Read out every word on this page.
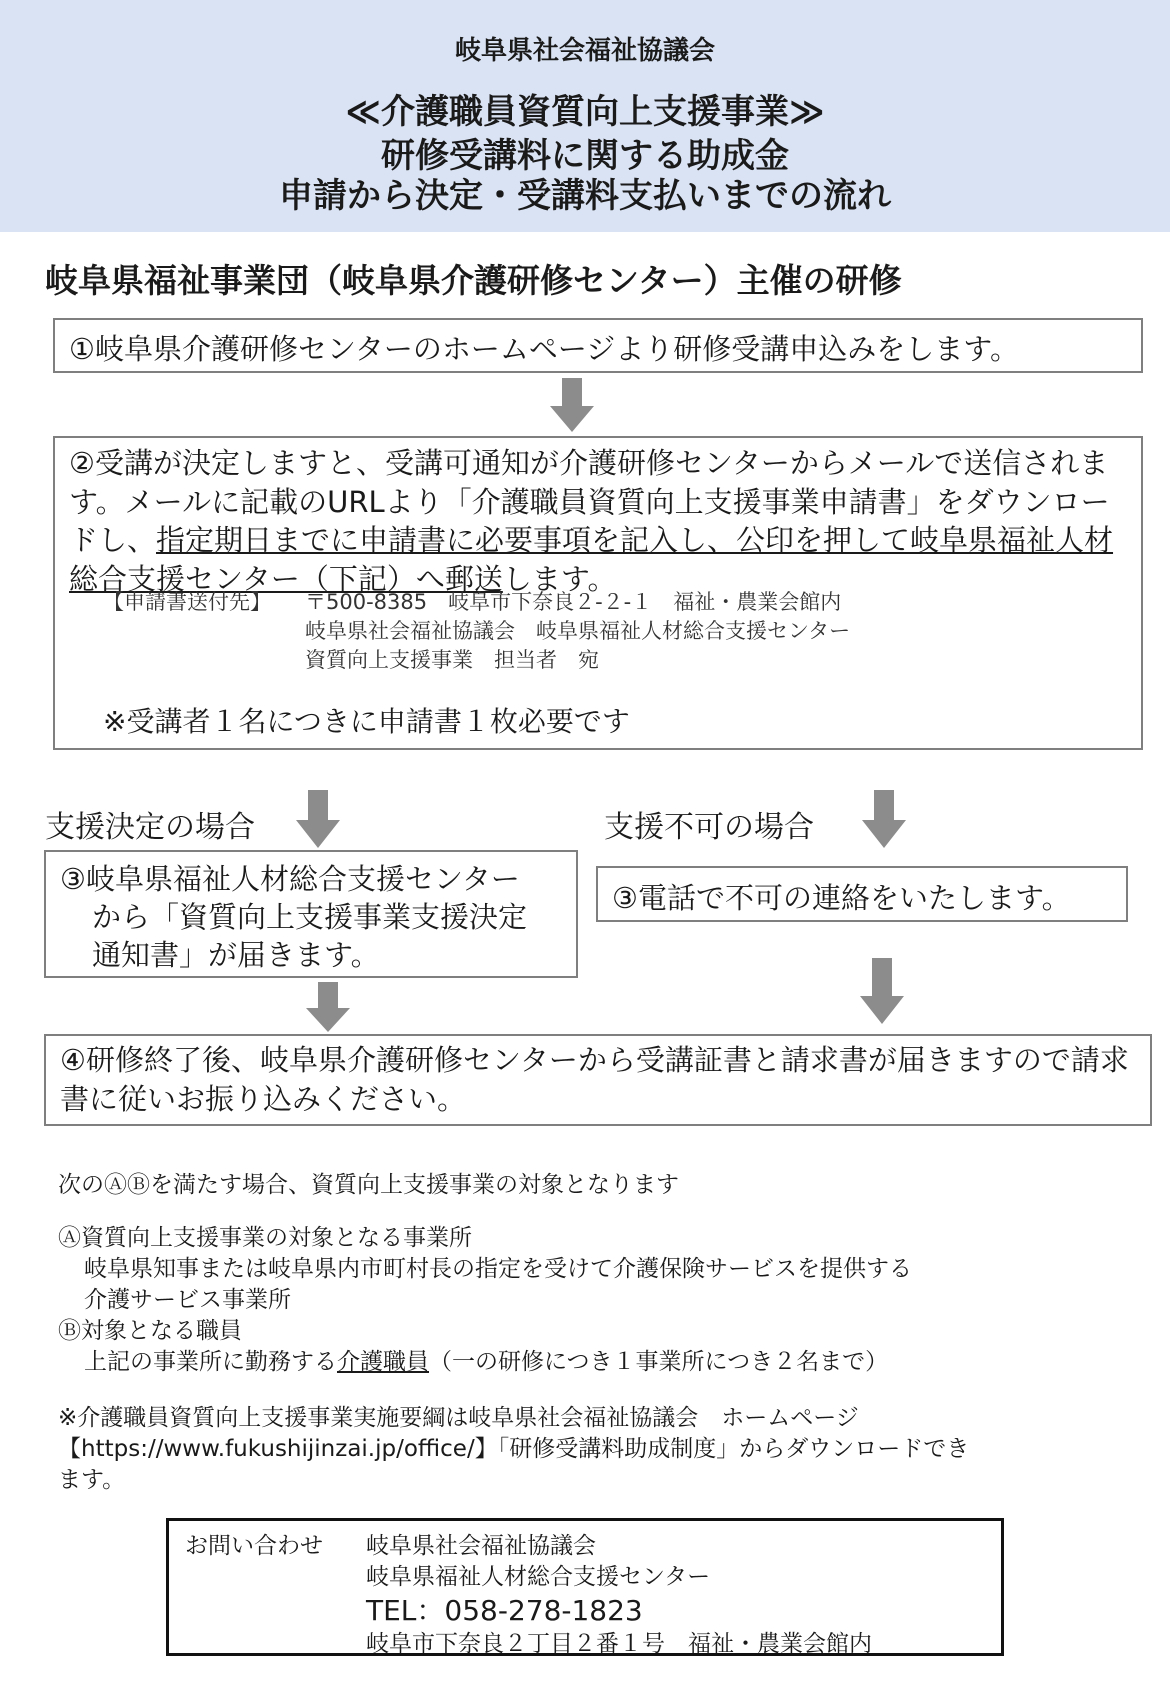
岐阜県社会福祉協議会
≪介護職員資質向上支援事業≫
研修受講料に関する助成金
申請から決定・受講料支払いまでの流れ
岐阜県福祉事業団（岐阜県介護研修センター）主催の研修
①岐阜県介護研修センターのホームページより研修受講申込みをします。
②受講が決定しますと、受講可通知が介護研修センターからメールで送信されます。メールに記載のURLより「介護職員資質向上支援事業申請書」をダウンロードし、指定期日までに申請書に必要事項を記入し、公印を押して岐阜県福祉人材総合支援センター（下記）へ郵送します。
【申請書送付先】 〒500-8385　岐阜市下奈良２-２-１　福祉・農業会館内
岐阜県社会福祉協議会　岐阜県福祉人材総合支援センター
資質向上支援事業　担当者　宛
※受講者１名につきに申請書１枚必要です
支援決定の場合	支援不可の場合
③岐阜県福祉人材総合支援センター
から「資質向上支援事業支援決定
通知書」が届きます。
③電話で不可の連絡をいたします。
④研修終了後、岐阜県介護研修センターから受講証書と請求書が届きますので請求書に従いお振り込みください。
次のⒶⒷを満たす場合、資質向上支援事業の対象となります
Ⓐ資質向上支援事業の対象となる事業所
岐阜県知事または岐阜県内市町村長の指定を受けて介護保険サービスを提供する
介護サービス事業所
Ⓑ対象となる職員
上記の事業所に勤務する介護職員（一の研修につき１事業所につき２名まで）
※介護職員資質向上支援事業実施要綱は岐阜県社会福祉協議会　ホームページ
【https://www.fukushijinzai.jp/office/】「研修受講料助成制度」からダウンロードでき
ます。
お問い合わせ 岐阜県社会福祉協議会
岐阜県福祉人材総合支援センター
TEL：058-278-1823
岐阜市下奈良２丁目２番１号　福祉・農業会館内
